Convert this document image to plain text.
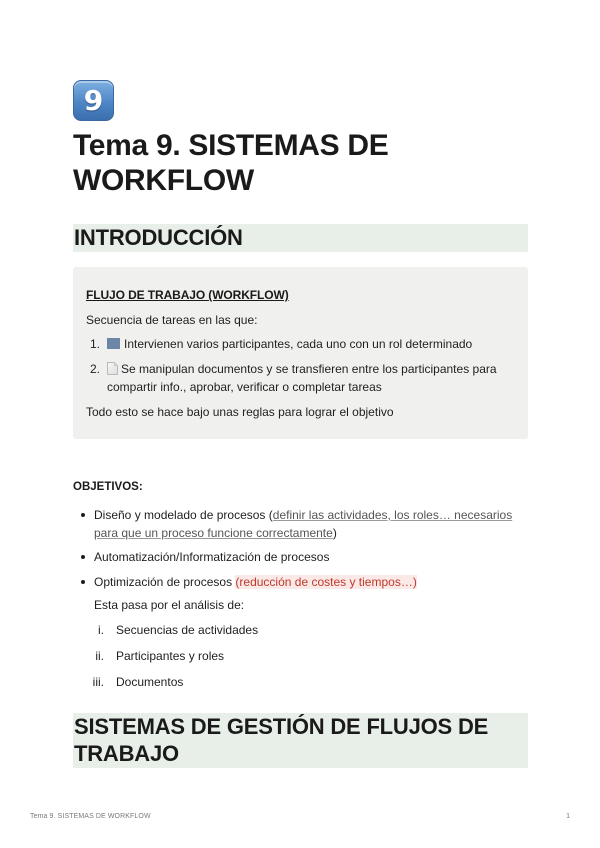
9
Tema 9. SISTEMAS DE WORKFLOW
INTRODUCCIÓN
FLUJO DE TRABAJO (WORKFLOW)
Secuencia de tareas en las que:
1.	Intervienen varios participantes, cada uno con un rol determinado
2.	Se manipulan documentos y se transfieren entre los participantes para compartir info., aprobar, verificar o completar tareas
Todo esto se hace bajo unas reglas para lograr el objetivo
OBJETIVOS:
Diseño y modelado de procesos (definir las actividades, los roles… necesarios para que un proceso funcione correctamente)
Automatización/Informatización de procesos
Optimización de procesos (reducción de costes y tiempos…)
Esta pasa por el análisis de:
i. Secuencias de actividades
ii. Participantes y roles
iii. Documentos
SISTEMAS DE GESTIÓN DE FLUJOS DE TRABAJO
Tema 9. SISTEMAS DE WORKFLOW	1
